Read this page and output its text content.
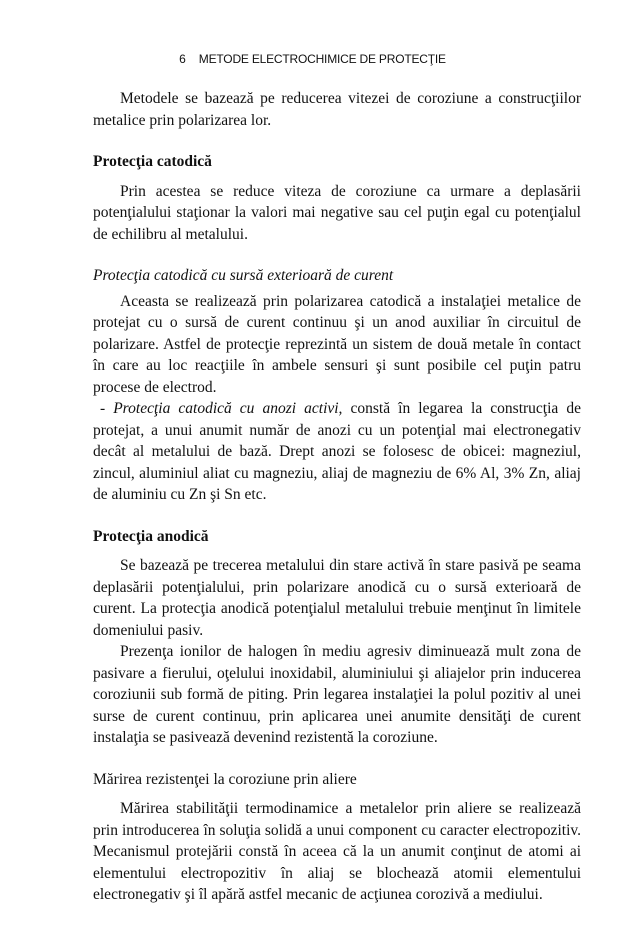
6 METODE ELECTROCHIMICE DE PROTECŢIE

Metodele se bazează pe reducerea vitezei de coroziune a construcţiilor metalice prin polarizarea lor.

Protecţia catodică

Prin acestea se reduce viteza de coroziune ca urmare a deplasării potenţialului staţionar la valori mai negative sau cel puţin egal cu potenţialul de echilibru al metalului.

Protecţia catodică cu sursă exterioară de curent

Aceasta se realizează prin polarizarea catodică a instalaţiei metalice de protejat cu o sursă de curent continuu şi un anod auxiliar în circuitul de polarizare. Astfel de protecţie reprezintă un sistem de două metale în contact în care au loc reacţiile în ambele sensuri şi sunt posibile cel puţin patru procese de electrod.

- Protecţia catodică cu anozi activi, constă în legarea la construcţia de protejat, a unui anumit număr de anozi cu un potenţial mai electronegativ decât al metalului de bază. Drept anozi se folosesc de obicei: magneziul, zincul, aluminiul aliat cu magneziu, aliaj de magneziu de 6% Al, 3% Zn, aliaj de aluminiu cu Zn şi Sn etc.

Protecţia anodică

Se bazează pe trecerea metalului din stare activă în stare pasivă pe seama deplasării potenţialului, prin polarizare anodică cu o sursă exterioară de curent. La protecţia anodică potenţialul metalului trebuie menţinut în limitele domeniului pasiv.

Prezenţa ionilor de halogen în mediu agresiv diminuează mult zona de pasivare a fierului, oţelului inoxidabil, aluminiului şi aliajelor prin inducerea coroziunii sub formă de piting. Prin legarea instalaţiei la polul pozitiv al unei surse de curent continuu, prin aplicarea unei anumite densităţi de curent instalaţia se pasivează devenind rezistentă la coroziune.

Mărirea rezistenţei la coroziune prin aliere

Mărirea stabilităţii termodinamice a metalelor prin aliere se realizează prin introducerea în soluţia solidă a unui component cu caracter electropozitiv. Mecanismul protejării constă în aceea că la un anumit conţinut de atomi ai elementului electropozitiv în aliaj se blochează atomii elementului electronegativ şi îl apără astfel mecanic de acţiunea corozivă a mediului.
